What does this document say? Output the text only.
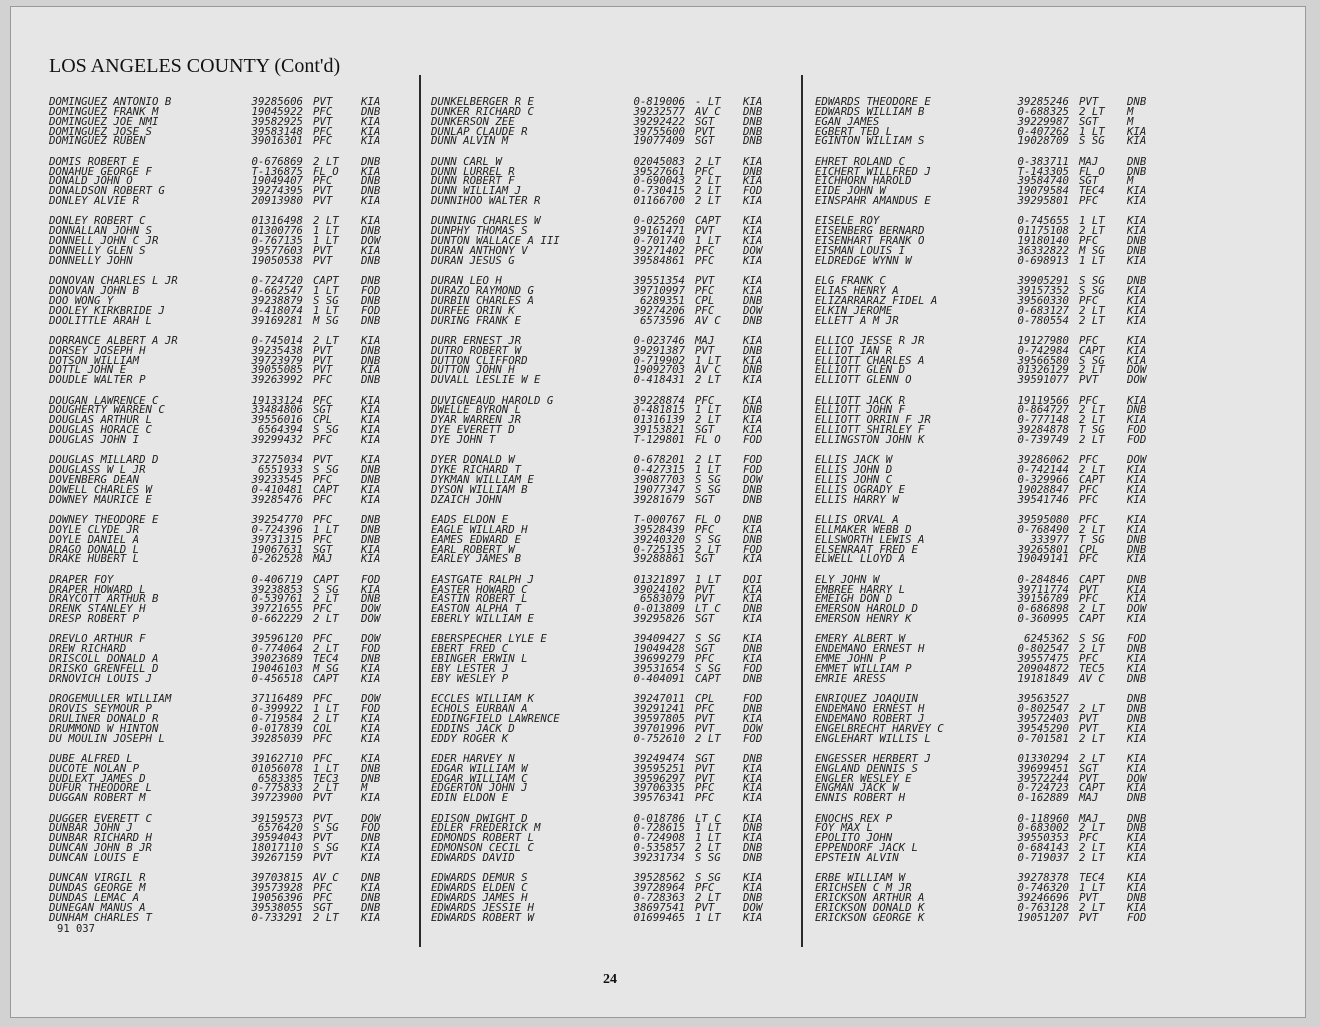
LOS ANGELES COUNTY (Cont'd)
DOMINGUEZ ANTONIO B	39285606 PVT	KIA
DOMINGUEZ FRANK M	19045922 PFC	DNB
DOMINGUEZ JOE NMI	39582925 PVT	KIA
DOMINGUEZ JOSE S	39583148 PFC	KIA
DOMINGUEZ RUBEN	39016301 PFC	KIA
DOMIS ROBERT E	0-676869 2 LT	DNB
DONAHUE GEORGE F	T-136875 FL O	KIA
DONALD JOHN O	19049407 PFC	DNB
DONALDSON ROBERT G	39274395 PVT	DNB
DONLEY ALVIE R	20913980 PVT	KIA
DONLEY ROBERT C	01316498 2 LT	KIA
DONNALLAN JOHN S	01300776 1 LT	DNB
DONNELL JOHN C JR	0-767135 1 LT	DOW
DONNELLY GLEN S	39577603 PVT	KIA
DONNELLY JOHN	19050538 PVT	DNB
DONOVAN CHARLES L JR	0-724720 CAPT	DNB
DONOVAN JOHN B	0-662547 1 LT	FOD
DOO WONG Y	39238879 S SG	DNB
DOOLEY KIRKBRIDE J	0-418074 1 LT	FOD
DOOLITTLE ARAH L	39169281 M SG	DNB
DORRANCE ALBERT A JR	0-745014 2 LT	KIA
DORSEY JOSEPH H	39235438 PVT	DNB
DOTSON WILLIAM	39723979 PVT	DNB
DOTTL JOHN E	39055085 PVT	KIA
DOUDLE WALTER P	39263992 PFC	DNB
DOUGAN LAWRENCE C	19133124 PFC	KIA
DOUGHERTY WARREN C	33484806 SGT	KIA
DOUGLAS ARTHUR L	39556016 CPL	KIA
DOUGLAS HORACE C	6564394 S SG	KIA
DOUGLAS JOHN I	39299432 PFC	KIA
DOUGLAS MILLARD D	37275034 PVT	KIA
DOUGLASS W L JR	6551933 S SG	DNB
DOVENBERG DEAN	39233545 PFC	DNB
DOWELL CHARLES W	0-410481 CAPT	KIA
DOWNEY MAURICE E	39285476 PFC	KIA
DOWNEY THEODORE E	39254770 PFC	DNB
DOYLE CLYDE JR	0-724396 1 LT	DNB
DOYLE DANIEL A	39731315 PFC	DNB
DRAGO DONALD L	19067631 SGT	KIA
DRAKE HUBERT L	0-262528 MAJ	KIA
DRAPER FOY	0-406719 CAPT	FOD
DRAPER HOWARD L	39238853 S SG	KIA
DRAYCOTT ARTHUR B	0-539761 2 LT	DNB
DRENK STANLEY H	39721655 PFC	DOW
DRESP ROBERT P	0-662229 2 LT	DOW
DREVLO ARTHUR F	39596120 PFC	DOW
DREW RICHARD	0-774064 2 LT	FOD
DRISCOLL DONALD A	39023689 TEC4	DNB
DRISKO GRENFELL D	19046103 M SG	KIA
DRNOVICH LOUIS J	0-456518 CAPT	KIA
DROGEMULLER WILLIAM	37116489 PFC	DOW
DROVIS SEYMOUR P	0-399922 1 LT	FOD
DRULINER DONALD R	0-719584 2 LT	KIA
DRUMMOND W HINTON	0-017839 COL	KIA
DU MOULIN JOSEPH L	39285039 PFC	KIA
DUBE ALFRED L	39162710 PFC	KIA
DUCOTE NOLAN P	01056078 1 LT	DNB
DUDLEXT JAMES D	6583385 TEC3	DNB
DUFUR THEODORE L	0-775833 2 LT	M
DUGGAN ROBERT M	39723900 PVT	KIA
DUGGER EVERETT C	39159573 PVT	DOW
DUNBAR JOHN J	6576420 S SG	FOD
DUNBAR RICHARD H	39594043 PVT	DNB
DUNCAN JOHN B JR	18017110 S SG	KIA
DUNCAN LOUIS E	39267159 PVT	KIA
DUNCAN VIRGIL R	39703815 AV C	DNB
DUNDAS GEORGE M	39573928 PFC	KIA
DUNDAS LEMAC A	19056396 PFC	DNB
DUNEGAN MANUS A	39538055 SGT	DNB
DUNHAM CHARLES T	0-733291 2 LT	KIA
DUNKELBERGER R E	0-819006 - LT	KIA
DUNKER RICHARD C	39232577 AV C	DNB
DUNKERSON ZEE	39292422 SGT	DNB
DUNLAP CLAUDE R	39755600 PVT	DNB
DUNN ALVIN M	19077409 SGT	DNB
DUNN CARL W	02045083 2 LT	KIA
DUNN LURREL R	39527661 PFC	DNB
DUNN ROBERT F	0-690043 2 LT	KIA
DUNN WILLIAM J	0-730415 2 LT	FOD
DUNNIHOO WALTER R	01166700 2 LT	KIA
DUNNING CHARLES W	0-025260 CAPT	KIA
DUNPHY THOMAS S	39161471 PVT	KIA
DUNTON WALLACE A III	0-701740 1 LT	KIA
DURAN ANTHONY V	39271402 PFC	DOW
DURAN JESUS G	39584861 PFC	KIA
DURAN LEO H	39551354 PVT	KIA
DURAZO RAYMOND G	39710997 PFC	KIA
DURBIN CHARLES A	6289351 CPL	DNB
DURFEE ORIN K	39274206 PFC	DOW
DURING FRANK E	6573596 AV C	DNB
DURR ERNEST JR	0-023746 MAJ	KIA
DUTRO ROBERT W	39291387 PVT	DNB
DUTTON CLIFFORD	0-719902 1 LT	KIA
DUTTON JOHN H	19092703 AV C	DNB
DUVALL LESLIE W E	0-418431 2 LT	KIA
DUVIGNEAUD HAROLD G	39228874 PFC	KIA
DWELLE BYRON L	0-481815 1 LT	DNB
DYAR WARREN JR	01316139 2 LT	KIA
DYE EVERETT D	39153821 SGT	KIA
DYE JOHN T	T-129801 FL O	FOD
DYER DONALD W	0-678201 2 LT	FOD
DYKE RICHARD T	0-427315 1 LT	FOD
DYKMAN WILLIAM E	39087703 S SG	DOW
DYSON WILLIAM B	19077347 S SG	DNB
DZAICH JOHN	39281679 SGT	DNB
EADS ELDON E	T-000767 FL O	DNB
EAGLE WILLARD H	39528439 PFC	KIA
EAMES EDWARD E	39240320 S SG	DNB
EARL ROBERT W	0-725135 2 LT	FOD
EARLEY JAMES B	39288861 SGT	KIA
EASTGATE RALPH J	01321897 1 LT	DOI
EASTER HOWARD C	39024102 PVT	KIA
EASTIN ROBERT L	6583079 PVT	KIA
EASTON ALPHA T	0-013809 LT C	DNB
EBERLY WILLIAM E	39295826 SGT	KIA
EBERSPECHER LYLE E	39409427 S SG	KIA
EBERT FRED C	19049428 SGT	DNB
EBINGER ERWIN L	39699279 PFC	KIA
EBY LESTER J	39531654 S SG	FOD
EBY WESLEY P	0-404091 CAPT	DNB
ECCLES WILLIAM K	39247011 CPL	FOD
ECHOLS EURBAN A	39291241 PFC	DNB
EDDINGFIELD LAWRENCE	39597805 PVT	KIA
EDDINS JACK D	39701996 PVT	DOW
EDDY ROGER K	0-752610 2 LT	FOD
EDER HARVEY N	39249474 SGT	DNB
EDGAR WILLIAM W	39595251 PVT	KIA
EDGAR WILLIAM C	39596297 PVT	KIA
EDGERTON JOHN J	39706335 PFC	KIA
EDIN ELDON E	39576341 PFC	KIA
EDISON DWIGHT D	0-018786 LT C	KIA
EDLER FREDERICK M	0-728615 1 LT	DNB
EDMONDS ROBERT L	0-724908 1 LT	KIA
EDMONSON CECIL C	0-535857 2 LT	DNB
EDWARDS DAVID	39231734 S SG	DNB
EDWARDS DEMUR S	39528562 S SG	KIA
EDWARDS ELDEN C	39728964 PFC	KIA
EDWARDS JAMES H	0-728363 2 LT	DNB
EDWARDS JESSIE H	38697541 PVT	DOW
EDWARDS ROBERT W	01699465 1 LT	KIA
EDWARDS THEODORE E	39285246 PVT	DNB
EDWARDS WILLIAM B	0-688325 2 LT	M
EGAN JAMES	39229987 SGT	M
EGBERT TED L	0-407262 1 LT	KIA
EGINTON WILLIAM S	19028709 S SG	KIA
EHRET ROLAND C	0-383711 MAJ	DNB
EICHERT WILLFRED J	T-143305 FL O	DNB
EICHHORN HAROLD	39584740 SGT	M
EIDE JOHN W	19079584 TEC4	KIA
EINSPAHR AMANDUS E	39295801 PFC	KIA
EISELE ROY	0-745655 1 LT	KIA
EISENBERG BERNARD	01175108 2 LT	KIA
EISENHART FRANK O	19180140 PFC	DNB
EISMAN LOUIS I	36332822 M SG	DNB
ELDREDGE WYNN W	0-698913 1 LT	KIA
ELG FRANK C	39905291 S SG	DNB
ELIAS HENRY A	39157352 S SG	KIA
ELIZARRARAZ FIDEL A	39560330 PFC	KIA
ELKIN JEROME	0-683127 2 LT	KIA
ELLETT A M JR	0-780554 2 LT	KIA
ELLICO JESSE R JR	19127980 PFC	KIA
ELLIOT IAN R	0-742984 CAPT	KIA
ELLIOTT CHARLES A	39566580 S SG	KIA
ELLIOTT GLEN D	01326129 2 LT	DOW
ELLIOTT GLENN O	39591077 PVT	DOW
ELLIOTT JACK R	19119566 PFC	KIA
ELLIOTT JOHN F	0-864727 2 LT	DNB
ELLIOTT ORRIN F JR	0-777148 2 LT	KIA
ELLIOTT SHIRLEY F	39284878 T SG	FOD
ELLINGSTON JOHN K	0-739749 2 LT	FOD
ELLIS JACK W	39286062 PFC	DOW
ELLIS JOHN D	0-742144 2 LT	KIA
ELLIS JOHN C	0-329966 CAPT	KIA
ELLIS OGRADY E	19028847 PFC	KIA
ELLIS HARRY W	39541746 PFC	KIA
ELLIS ORVAL A	39595080 PFC	KIA
ELLMAKER WEBB D	0-768490 2 LT	KIA
ELLSWORTH LEWIS A	333977 T SG	DNB
ELSENRAAT FRED E	39265801 CPL	DNB
ELWELL LLOYD A	19049141 PFC	KIA
ELY JOHN W	0-284846 CAPT	DNB
EMBREE HARRY L	39711774 PVT	KIA
EMEIGH DON D	39156789 PFC	KIA
EMERSON HAROLD D	0-686898 2 LT	DOW
EMERSON HENRY K	0-360995 CAPT	KIA
EMERY ALBERT W	6245362 S SG	FOD
ENDEMANO ERNEST H	0-802547 2 LT	DNB
EMME JOHN P	39557475 PFC	KIA
EMMET WILLIAM P	20904872 TEC5	KIA
EMRIE ARESS	19181849 AV C	DNB
ENRIQUEZ JOAQUIN	39563527	DNB
ENDEMANO ERNEST H	0-802547 2 LT	DNB
ENDEMANO ROBERT J	39572403 PVT	DNB
ENGELBRECHT HARVEY C	39545290 PVT	KIA
ENGLEHART WILLIS L	0-701581 2 LT	KIA
ENGESSER HERBERT J	01330294 2 LT	KIA
ENGLAND DENNIS S	39699451 SGT	KIA
ENGLER WESLEY E	39572244 PVT	DOW
ENGMAN JACK W	0-724723 CAPT	KIA
ENNIS ROBERT H	0-162889 MAJ	DNB
ENOCHS REX P	0-118960 MAJ	DNB
FOY MAX L	0-683002 2 LT	DNB
EPOLITO JOHN	39550353 PFC	KIA
EPPENDORF JACK L	0-684143 2 LT	KIA
EPSTEIN ALVIN	0-719037 2 LT	KIA
ERBE WILLIAM W	39278378 TEC4	KIA
ERICHSEN C M JR	0-746320 1 LT	KIA
ERICKSON ARTHUR A	39246696 PVT	DNB
ERICKSON DONALD K	0-763128 2 LT	KIA
ERICKSON GEORGE K	19051207 PVT	FOD
91 037
24
